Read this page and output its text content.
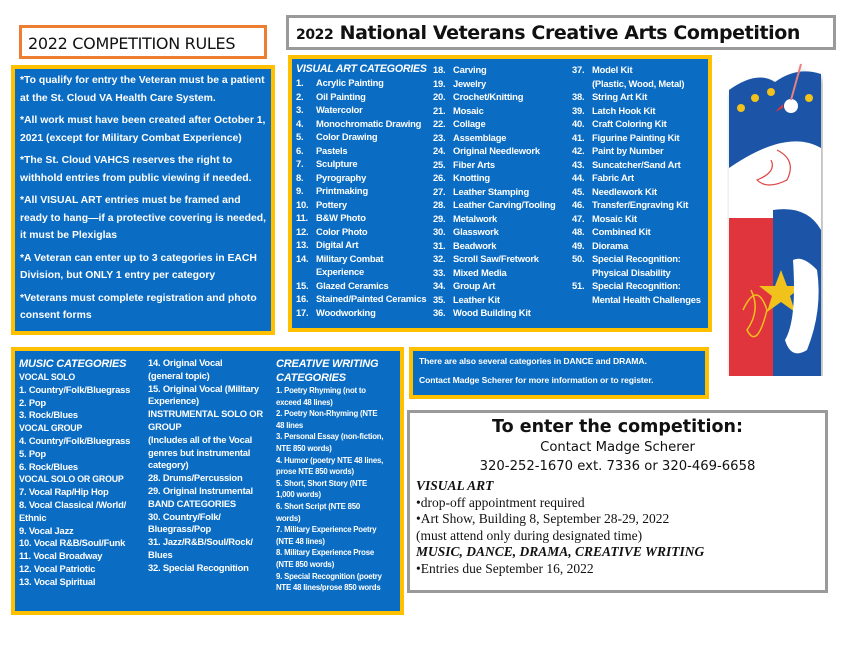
2022 COMPETITION RULES	2022 National Veterans Creative Arts Competition

*To qualify for entry the Veteran must be a patient at the St. Cloud VA Health Care System.

*All work must have been created after October 1, 2021 (except for Military Combat Experience)

*The St. Cloud VAHCS reserves the right to withhold entries from public viewing if needed.

*All VISUAL ART entries must be framed and ready to hang—if a protective covering is needed, it must be Plexiglas

*A Veteran can enter up to 3 categories in EACH Division, but ONLY 1 entry per category

*Veterans must complete registration and photo consent forms

VISUAL ART CATEGORIES
1.	Acrylic Painting
2.	Oil Painting
3.	Watercolor
4.	Monochromatic Drawing
5.	Color Drawing
6.	Pastels
7.	Sculpture
8.	Pyrography
9.	Printmaking
10. Pottery
11. B&W Photo
12. Color Photo
13. Digital Art
14. Military Combat
Experience
15. Glazed Ceramics
16. Stained/Painted Ceramics
17. Woodworking
18. Carving
19. Jewelry
20. Crochet/Knitting
21. Mosaic
22. Collage
23. Assemblage
24. Original Needlework
25. Fiber Arts
26. Knotting
27. Leather Stamping
28. Leather Carving/Tooling
29. Metalwork
30. Glasswork
31. Beadwork
32. Scroll Saw/Fretwork
33. Mixed Media
34. Group Art
35. Leather Kit
36. Wood Building Kit
37. Model Kit
(Plastic, Wood, Metal)
38. String Art Kit
39. Latch Hook Kit
40. Craft Coloring Kit
41. Figurine Painting Kit
42. Paint by Number
43. Suncatcher/Sand Art
44. Fabric Art
45. Needlework Kit
46. Transfer/Engraving Kit
47. Mosaic Kit
48. Combined Kit
49. Diorama
50. Special Recognition:
Physical Disability
51. Special Recognition:
Mental Health Challenges
MUSIC CATEGORIES
VOCAL SOLO
1. Country/Folk/Bluegrass
2. Pop
3. Rock/Blues
VOCAL GROUP
4. Country/Folk/Bluegrass
5. Pop
6. Rock/Blues
VOCAL SOLO OR GROUP
7. Vocal Rap/Hip Hop
8. Vocal Classical /World/
Ethnic
9. Vocal Jazz
10. Vocal R&B/Soul/Funk
11. Vocal Broadway
12. Vocal Patriotic
13. Vocal Spiritual
14. Original Vocal
(general topic)
15. Original Vocal (Military
Experience)
INSTRUMENTAL SOLO OR
GROUP
(Includes all of the Vocal
genres but instrumental
category)
28. Drums/Percussion
29. Original Instrumental
BAND CATEGORIES
30. Country/Folk/
Bluegrass/Pop
31. Jazz/R&B/Soul/Rock/
Blues
32. Special Recognition
CREATIVE WRITING
CATEGORIES
1. Poetry Rhyming (not to
exceed 48 lines)
2. Poetry Non-Rhyming (NTE
48 lines
3. Personal Essay (non-fiction,
NTE 850 words)
4. Humor (poetry NTE 48 lines,
prose NTE 850 words)
5. Short, Short Story (NTE
1,000 words)
6. Short Script (NTE 850
words)
7. Military Experience Poetry
(NTE 48 lines)
8. Military Experience Prose
(NTE 850 words)
9. Special Recognition (poetry
NTE 48 lines/prose 850 words

There are also several categories in DANCE and DRAMA.

Contact Madge Scherer for more information or to register.

To enter the competition:
Contact Madge Scherer
320-252-1670 ext. 7336 or 320-469-6658
VISUAL ART
•drop-off appointment required
•Art Show, Building 8, September 28-29, 2022
(must attend only during designated time)
MUSIC, DANCE, DRAMA, CREATIVE WRITING
•Entries due September 16, 2022
